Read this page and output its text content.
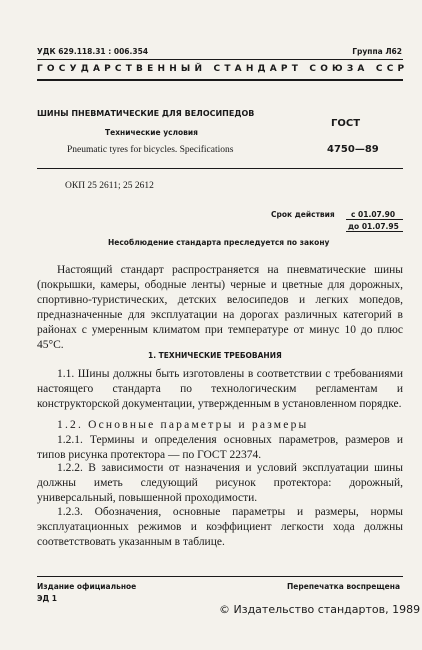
УДК 629.118.31 : 006.354	Группа Л62
ГОСУДАРСТВЕННЫЙ СТАНДАРТ СОЮЗА ССР
ШИНЫ ПНЕВМАТИЧЕСКИЕ ДЛЯ ВЕЛОСИПЕДОВ
ГОСТ
Технические условия
Pneumatic tyres for bicycles. Specifications	4750—89
ОКП 25 2611; 25 2612
Срок действия с 01.07.90
до 01.07.95
Несоблюдение стандарта преследуется по закону
Настоящий стандарт распространяется на пневматические шины (покрышки, камеры, ободные ленты) черные и цветные для дорожных, спортивно-туристических, детских велосипедов и легких мопедов, предназначенные для эксплуатации на дорогах различных категорий в районах с умеренным климатом при температуре от минус 10 до плюс 45°С.
1. ТЕХНИЧЕСКИЕ ТРЕБОВАНИЯ
1.1. Шины должны быть изготовлены в соответствии с требованиями настоящего стандарта по технологическим регламентам и конструкторской документации, утвержденным в установленном порядке.
1.2. Основные параметры и размеры
1.2.1. Термины и определения основных параметров, размеров и типов рисунка протектора — по ГОСТ 22374.
1.2.2. В зависимости от назначения и условий эксплуатации шины должны иметь следующий рисунок протектора: дорожный, универсальный, повышенной проходимости.
1.2.3. Обозначения, основные параметры и размеры, нормы эксплуатационных режимов и коэффициент легкости хода должны соответствовать указанным в таблице.
Издание официальное	Перепечатка воспрещена
ЭД 1
© Издательство стандартов, 1989
